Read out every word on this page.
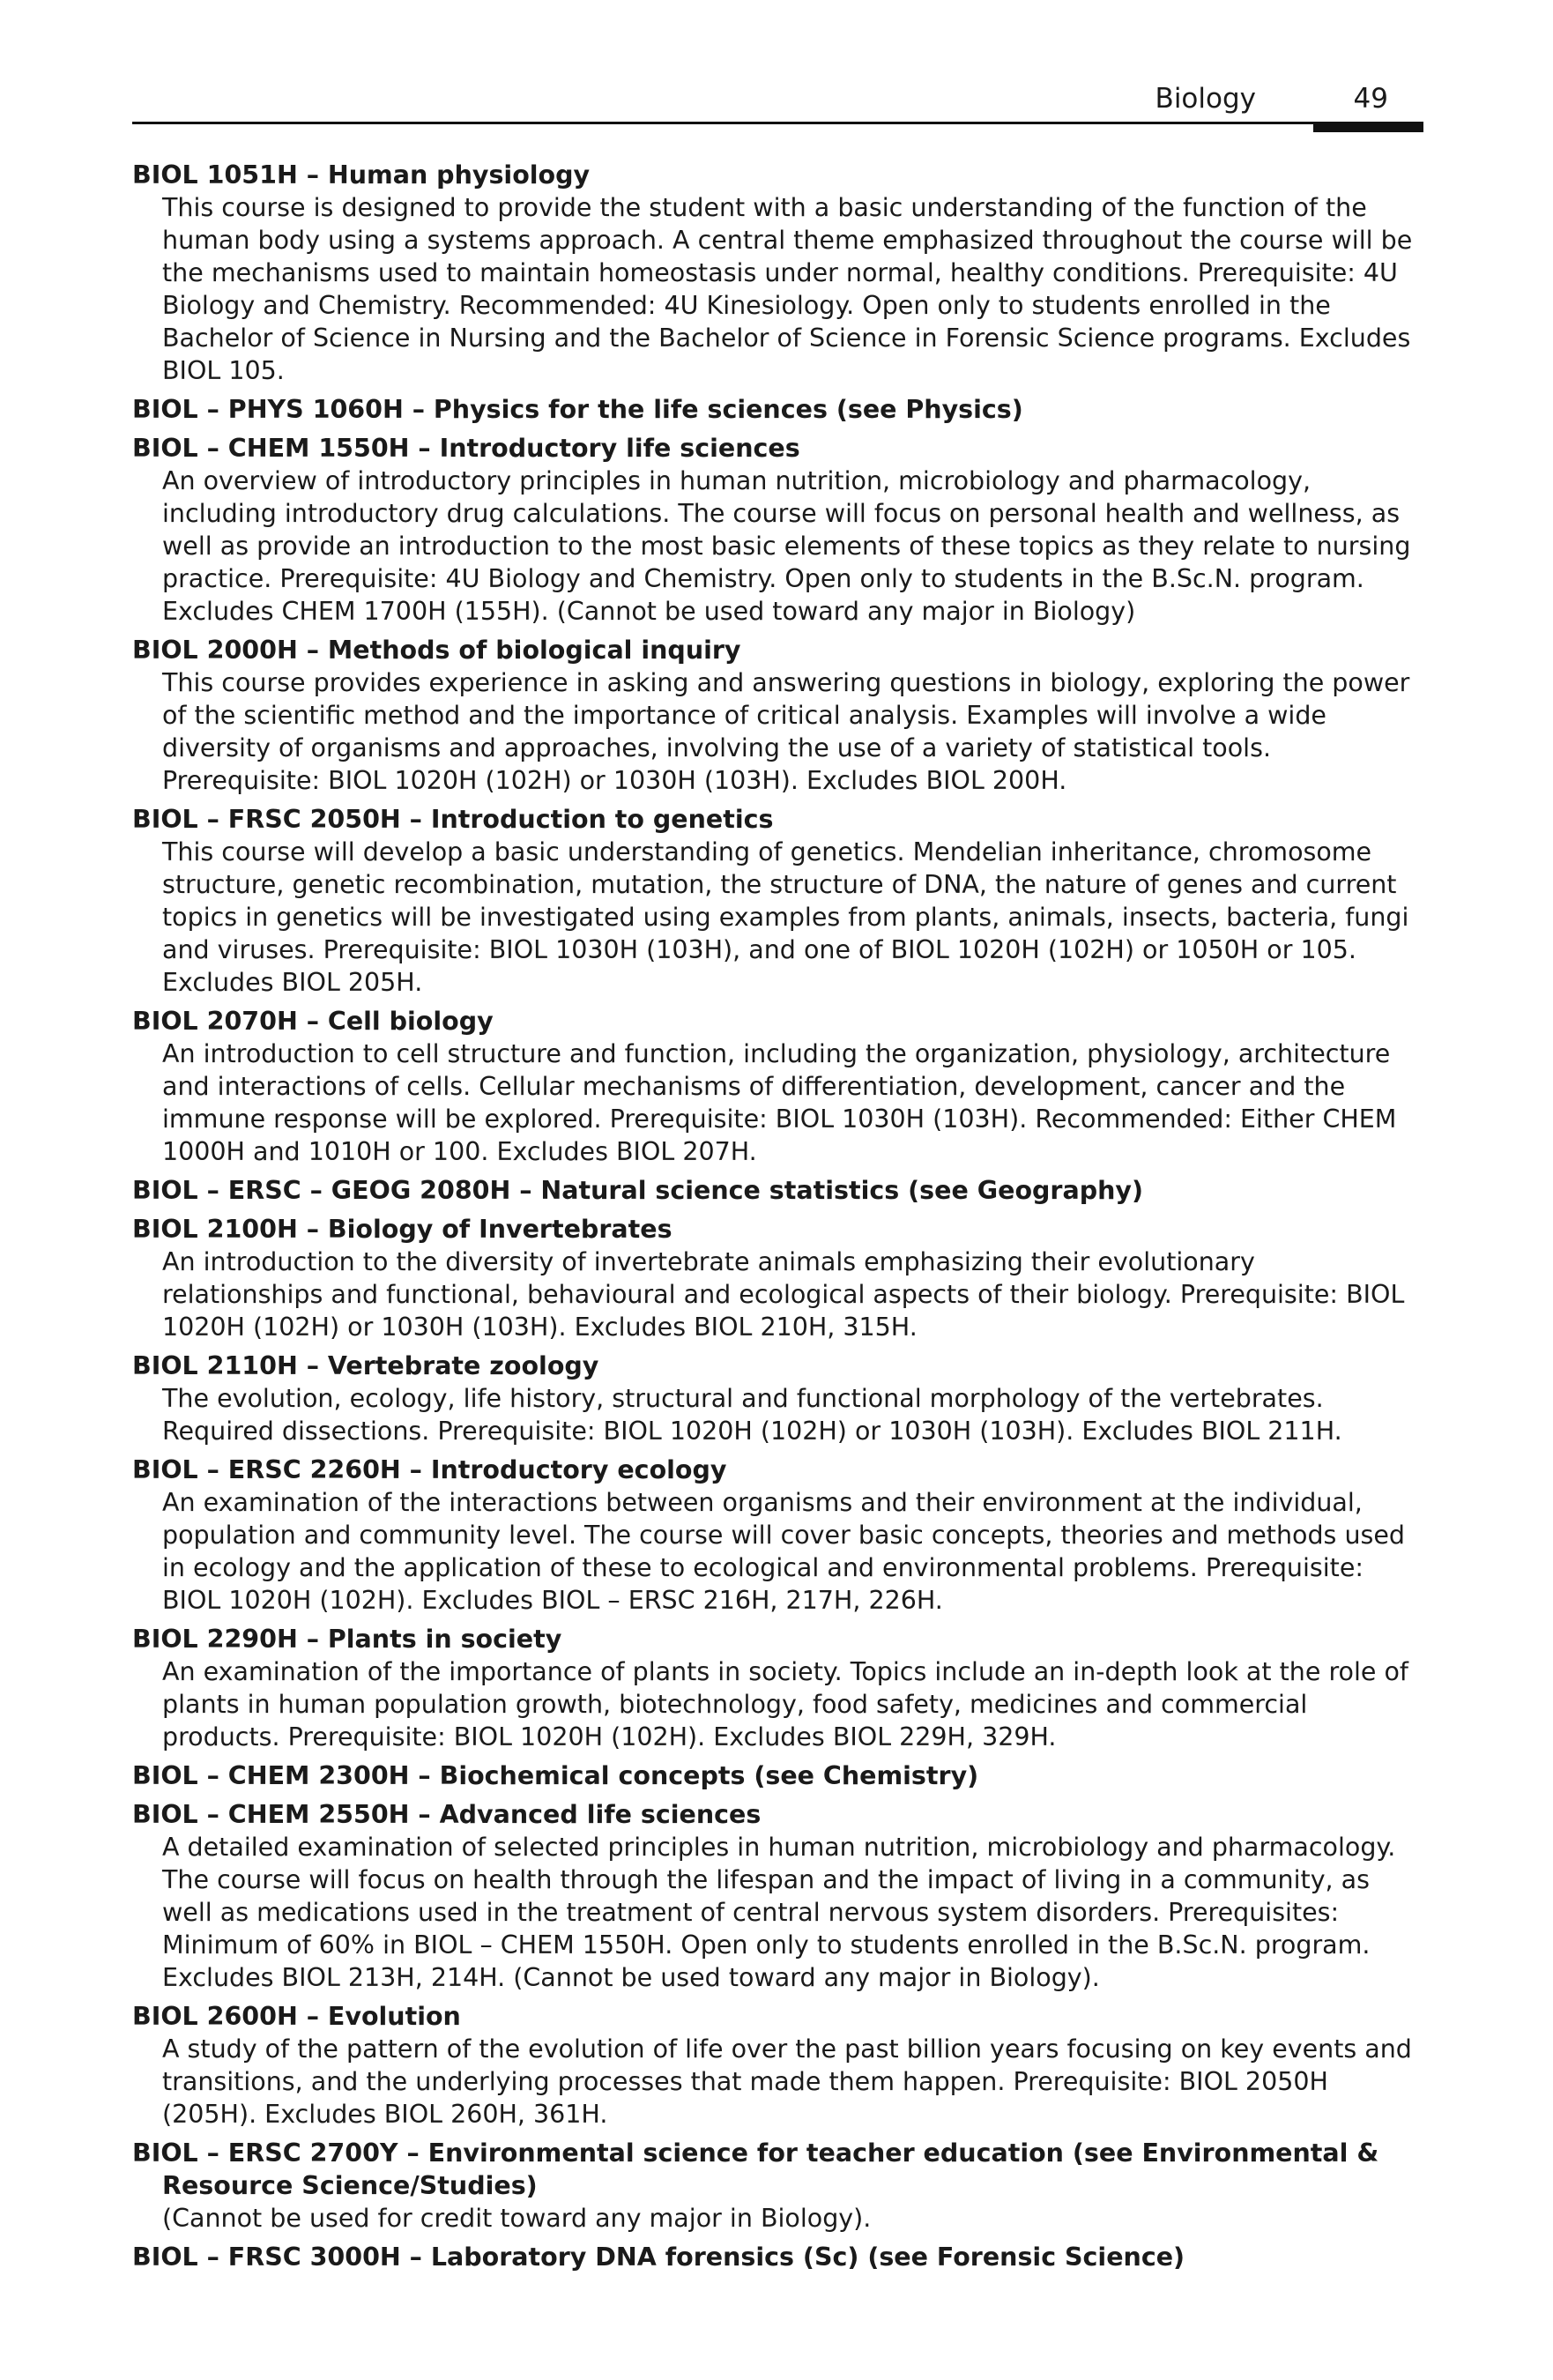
Biology	49
BIOL 1051H – Human physiology

This course is designed to provide the student with a basic understanding of the function of the human body using a systems approach. A central theme emphasized throughout the course will be the mechanisms used to maintain homeostasis under normal, healthy conditions. Prerequisite: 4U Biology and Chemistry. Recommended: 4U Kinesiology. Open only to students enrolled in the Bachelor of Science in Nursing and the Bachelor of Science in Forensic Science programs. Excludes BIOL 105.

BIOL – PHYS 1060H – Physics for the life sciences (see Physics)
BIOL – CHEM 1550H – Introductory life sciences

An overview of introductory principles in human nutrition, microbiology and pharmacology, including introductory drug calculations. The course will focus on personal health and wellness, as well as provide an introduction to the most basic elements of these topics as they relate to nursing practice. Prerequisite: 4U Biology and Chemistry. Open only to students in the B.Sc.N. program. Excludes CHEM 1700H (155H). (Cannot be used toward any major in Biology)

BIOL 2000H – Methods of biological inquiry

This course provides experience in asking and answering questions in biology, exploring the power of the scientific method and the importance of critical analysis. Examples will involve a wide diversity of organisms and approaches, involving the use of a variety of statistical tools. Prerequisite: BIOL 1020H (102H) or 1030H (103H). Excludes BIOL 200H.

BIOL – FRSC 2050H – Introduction to genetics

This course will develop a basic understanding of genetics. Mendelian inheritance, chromosome structure, genetic recombination, mutation, the structure of DNA, the nature of genes and current topics in genetics will be investigated using examples from plants, animals, insects, bacteria, fungi and viruses. Prerequisite: BIOL 1030H (103H), and one of BIOL 1020H (102H) or 1050H or 105. Excludes BIOL 205H.

BIOL 2070H – Cell biology

An introduction to cell structure and function, including the organization, physiology, architecture and interactions of cells. Cellular mechanisms of differentiation, development, cancer and the immune response will be explored. Prerequisite: BIOL 1030H (103H). Recommended: Either CHEM 1000H and 1010H or 100. Excludes BIOL 207H.

BIOL – ERSC – GEOG 2080H – Natural science statistics (see Geography)
BIOL 2100H – Biology of Invertebrates

An introduction to the diversity of invertebrate animals emphasizing their evolutionary relationships and functional, behavioural and ecological aspects of their biology. Prerequisite: BIOL 1020H (102H) or 1030H (103H). Excludes BIOL 210H, 315H.

BIOL 2110H – Vertebrate zoology

The evolution, ecology, life history, structural and functional morphology of the vertebrates. Required dissections. Prerequisite: BIOL 1020H (102H) or 1030H (103H). Excludes BIOL 211H.

BIOL – ERSC 2260H – Introductory ecology

An examination of the interactions between organisms and their environment at the individual, population and community level. The course will cover basic concepts, theories and methods used in ecology and the application of these to ecological and environmental problems. Prerequisite: BIOL 1020H (102H). Excludes BIOL – ERSC 216H, 217H, 226H.

BIOL 2290H – Plants in society

An examination of the importance of plants in society. Topics include an in-depth look at the role of plants in human population growth, biotechnology, food safety, medicines and commercial products. Prerequisite: BIOL 1020H (102H). Excludes BIOL 229H, 329H.

BIOL – CHEM 2300H – Biochemical concepts (see Chemistry)
BIOL – CHEM 2550H – Advanced life sciences

A detailed examination of selected principles in human nutrition, microbiology and pharmacology. The course will focus on health through the lifespan and the impact of living in a community, as well as medications used in the treatment of central nervous system disorders. Prerequisites: Minimum of 60% in BIOL – CHEM 1550H. Open only to students enrolled in the B.Sc.N. program. Excludes BIOL 213H, 214H. (Cannot be used toward any major in Biology).

BIOL 2600H – Evolution

A study of the pattern of the evolution of life over the past billion years focusing on key events and transitions, and the underlying processes that made them happen. Prerequisite: BIOL 2050H (205H). Excludes BIOL 260H, 361H.

BIOL – ERSC 2700Y – Environmental science for teacher education (see Environmental & Resource Science/Studies)

(Cannot be used for credit toward any major in Biology).

BIOL – FRSC 3000H – Laboratory DNA forensics (Sc) (see Forensic Science)
